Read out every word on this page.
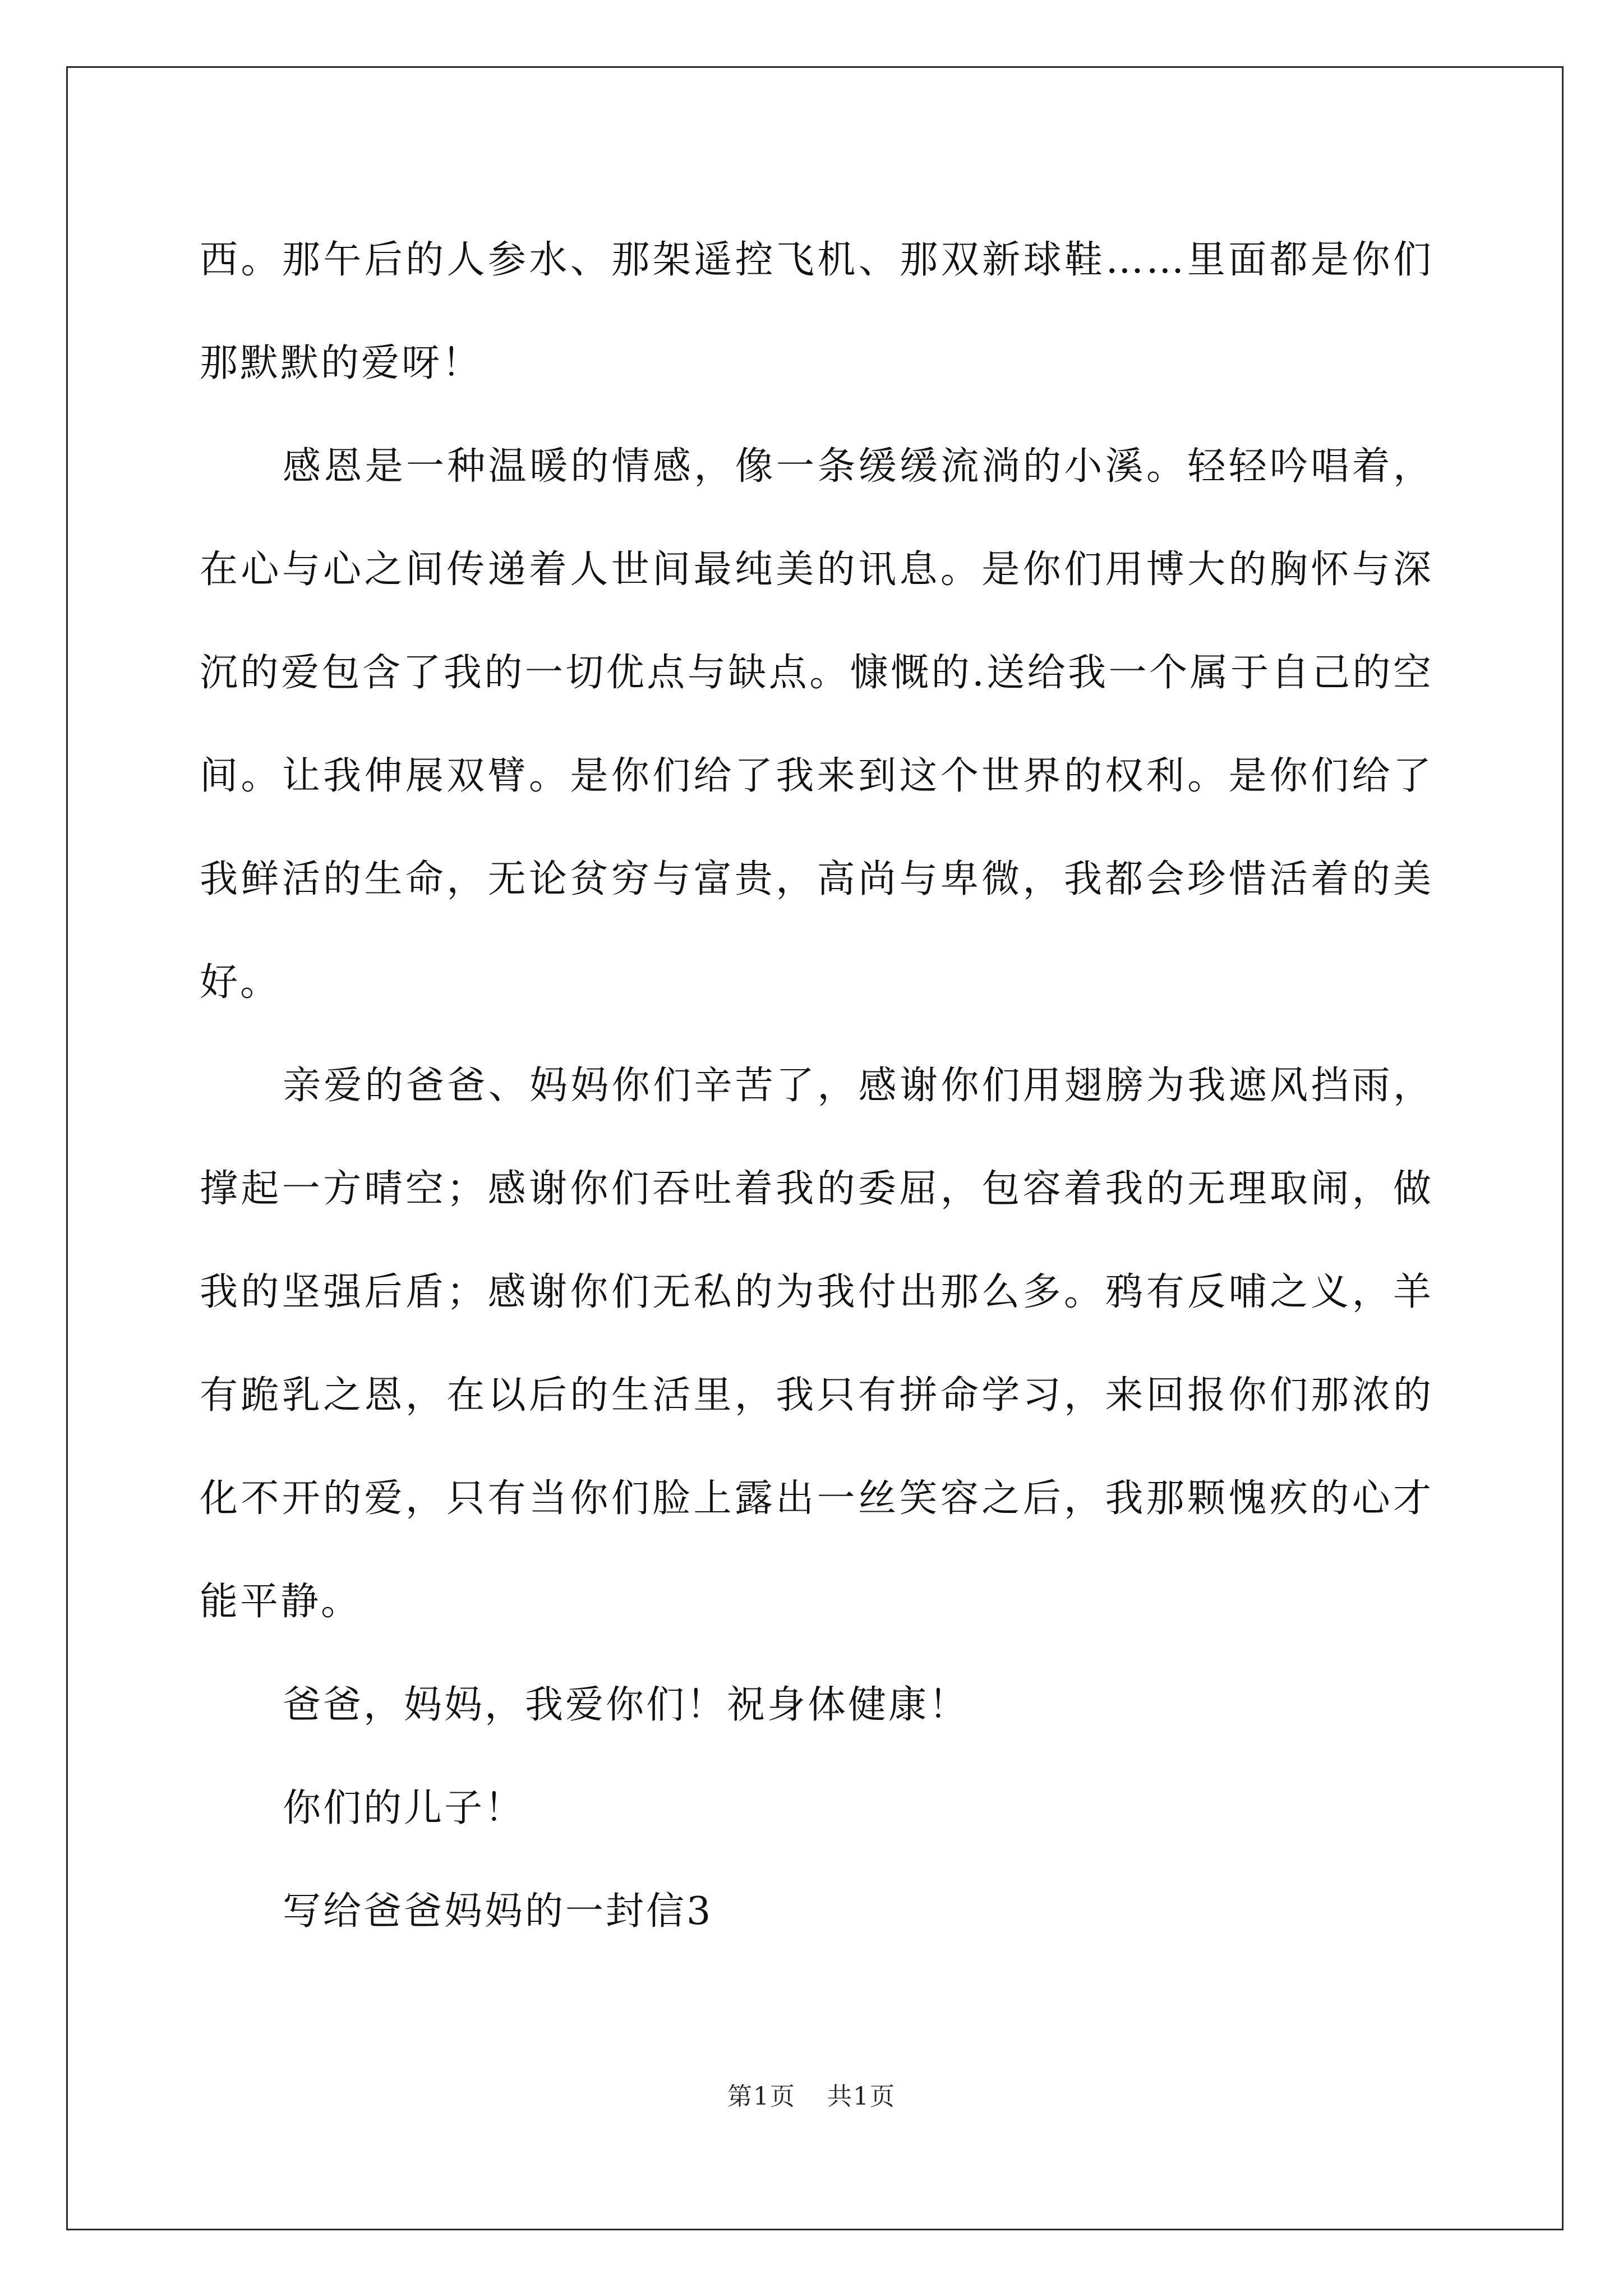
西。那午后的人参水、那架遥控飞机、那双新球鞋……里面都是你们那默默的爱呀！

感恩是一种温暖的情感，像一条缓缓流淌的小溪。轻轻吟唱着，在心与心之间传递着人世间最纯美的讯息。是你们用博大的胸怀与深沉的爱包含了我的一切优点与缺点。慷慨的.送给我一个属于自己的空间。让我伸展双臂。是你们给了我来到这个世界的权利。是你们给了我鲜活的生命，无论贫穷与富贵，高尚与卑微，我都会珍惜活着的美好。

亲爱的爸爸、妈妈你们辛苦了，感谢你们用翅膀为我遮风挡雨，撑起一方晴空；感谢你们吞吐着我的委屈，包容着我的无理取闹，做我的坚强后盾；感谢你们无私的为我付出那么多。鸦有反哺之义，羊有跪乳之恩，在以后的生活里，我只有拼命学习，来回报你们那浓的化不开的爱，只有当你们脸上露出一丝笑容之后，我那颗愧疚的心才能平静。

爸爸，妈妈，我爱你们！祝身体健康！

你们的儿子！

写给爸爸妈妈的一封信3

第1页 共1页
